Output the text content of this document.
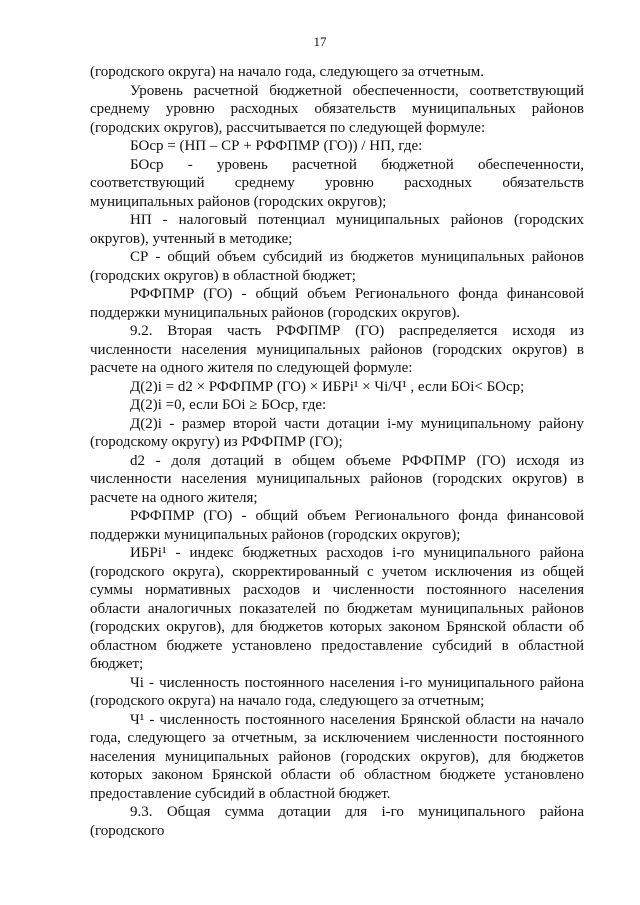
17

(городского округа) на начало года, следующего за отчетным.

Уровень расчетной бюджетной обеспеченности, соответствующий среднему уровню расходных обязательств муниципальных районов (городских округов), рассчитывается по следующей формуле:

БОср = (НП – СР + РФФПМР (ГО)) / НП, где:

БОср - уровень расчетной бюджетной обеспеченности, соответствующий среднему уровню расходных обязательств муниципальных районов (городских округов);

НП - налоговый потенциал муниципальных районов (городских округов), учтенный в методике;

СР - общий объем субсидий из бюджетов муниципальных районов (городских округов) в областной бюджет;

РФФПМР (ГО) - общий объем Регионального фонда финансовой поддержки муниципальных районов (городских округов).

9.2. Вторая часть РФФПМР (ГО) распределяется исходя из численности населения муниципальных районов (городских округов) в расчете на одного жителя по следующей формуле:

Д(2)i = d2 × РФФПМР (ГО) × ИБРi¹ × Чi/Ч¹ , если БОi< БОср;

Д(2)i =0, если БОi ≥ БОср, где:

Д(2)i - размер второй части дотации i-му муниципальному району (городскому округу) из РФФПМР (ГО);

d2 - доля дотаций в общем объеме РФФПМР (ГО) исходя из численности населения муниципальных районов (городских округов) в расчете на одного жителя;

РФФПМР (ГО) - общий объем Регионального фонда финансовой поддержки муниципальных районов (городских округов);

ИБРi¹ - индекс бюджетных расходов i-го муниципального района (городского округа), скорректированный с учетом исключения из общей суммы нормативных расходов и численности постоянного населения области аналогичных показателей по бюджетам муниципальных районов (городских округов), для бюджетов которых законом Брянской области об областном бюджете установлено предоставление субсидий в областной бюджет;

Чi - численность постоянного населения i-го муниципального района (городского округа) на начало года, следующего за отчетным;

Ч¹ - численность постоянного населения Брянской области на начало года, следующего за отчетным, за исключением численности постоянного населения муниципальных районов (городских округов), для бюджетов которых законом Брянской области об областном бюджете установлено предоставление субсидий в областной бюджет.

9.3. Общая сумма дотации для i-го муниципального района (городского
